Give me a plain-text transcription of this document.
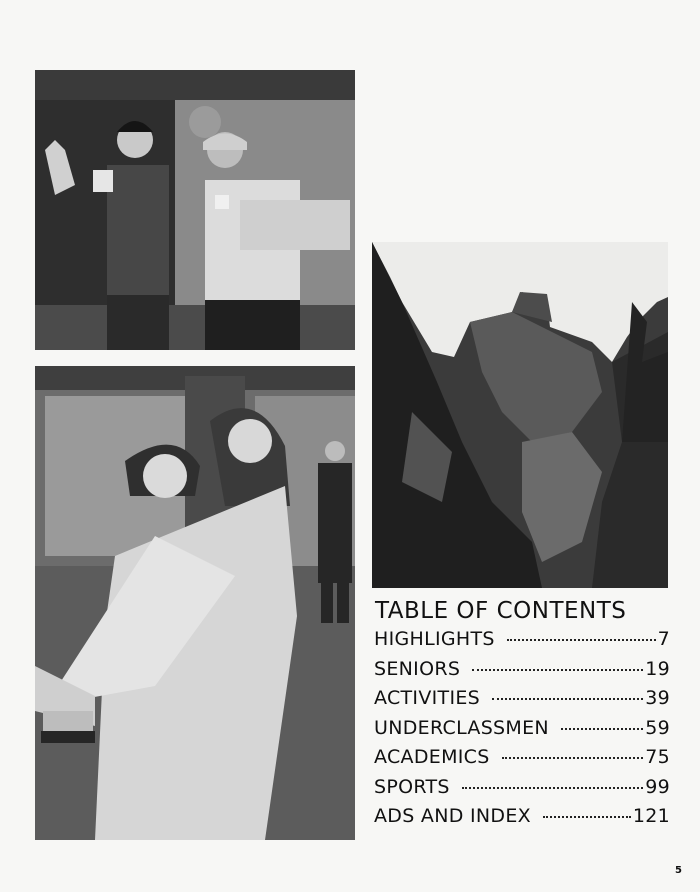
TABLE OF CONTENTS
HIGHLIGHTS	7
SENIORS	19
ACTIVITIES	39
UNDERCLASSMEN	59
ACADEMICS	75
SPORTS	99
ADS AND INDEX	121
5
